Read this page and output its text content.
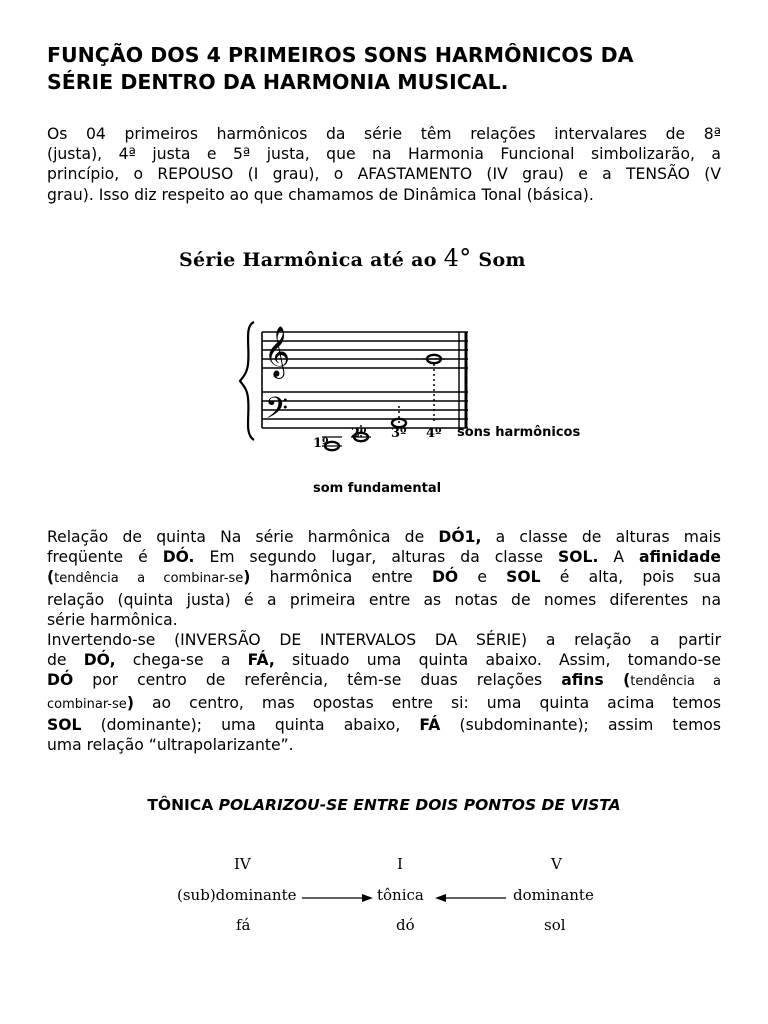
FUNÇÃO DOS 4 PRIMEIROS SONS HARMÔNICOS DA
SÉRIE DENTRO DA HARMONIA MUSICAL.

Os 04 primeiros harmônicos da série têm relações intervalares de 8ª
(justa), 4ª justa e 5ª justa, que na Harmonia Funcional simbolizarão, a
princípio, o REPOUSO (I grau), o AFASTAMENTO (IV grau) e a TENSÃO (V
grau). Isso diz respeito ao que chamamos de Dinâmica Tonal (básica).

Série Harmônica até ao 4° Som
𝄞
𝄢
1º
2º 3º 4º sons harmônicos
som fundamental

Relação de quinta Na série harmônica de DÓ1, a classe de alturas mais
freqüente é DÓ. Em segundo lugar, alturas da classe SOL. A afinidade
(tendência a combinar-se) harmônica entre DÓ e SOL é alta, pois sua
relação (quinta justa) é a primeira entre as notas de nomes diferentes na
série harmônica.
Invertendo-se (INVERSÃO DE INTERVALOS DA SÉRIE) a relação a partir
de DÓ, chega-se a FÁ, situado uma quinta abaixo. Assim, tomando-se
DÓ por centro de referência, têm-se duas relações afins (tendência a
combinar-se) ao centro, mas opostas entre si: uma quinta acima temos
SOL (dominante); uma quinta abaixo, FÁ (subdominante); assim temos
uma relação “ultrapolarizante”.

TÔNICA POLARIZOU-SE ENTRE DOIS PONTOS DE VISTA

IV	I	V
(sub)dominante	tônica	dominante
fá	dó	sol
